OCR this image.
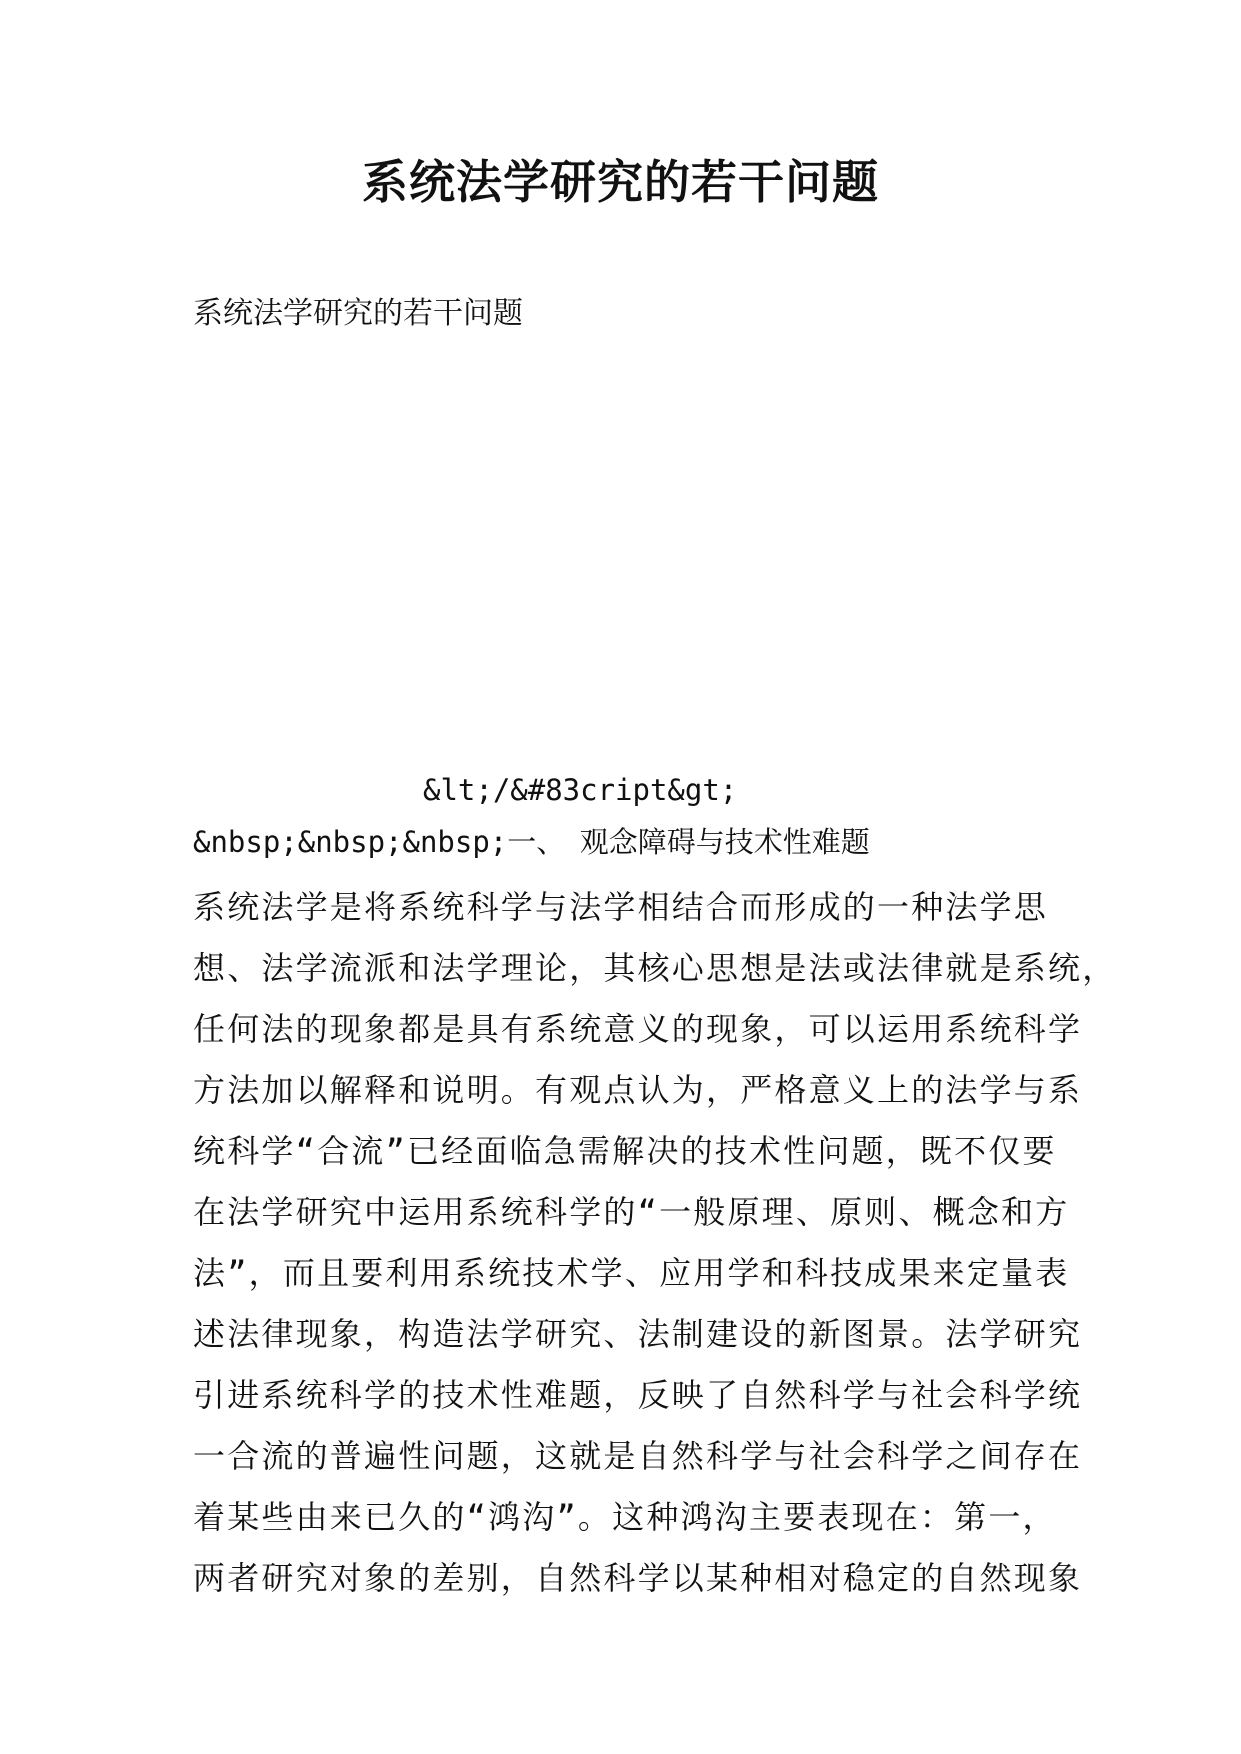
系统法学研究的若干问题
系统法学研究的若干问题
&lt;/&#83cript&gt;
&nbsp;&nbsp;&nbsp;一、　观念障碍与技术性难题
系统法学是将系统科学与法学相结合而形成的一种法学思
想、法学流派和法学理论，其核心思想是法或法律就是系统，
任何法的现象都是具有系统意义的现象，可以运用系统科学
方法加以解释和说明。有观点认为，严格意义上的法学与系
统科学“合流”已经面临急需解决的技术性问题，既不仅要
在法学研究中运用系统科学的“一般原理、原则、概念和方
法”，而且要利用系统技术学、应用学和科技成果来定量表
述法律现象，构造法学研究、法制建设的新图景。法学研究
引进系统科学的技术性难题，反映了自然科学与社会科学统
一合流的普遍性问题，这就是自然科学与社会科学之间存在
着某些由来已久的“鸿沟”。这种鸿沟主要表现在：第一，
两者研究对象的差别，自然科学以某种相对稳定的自然现象
